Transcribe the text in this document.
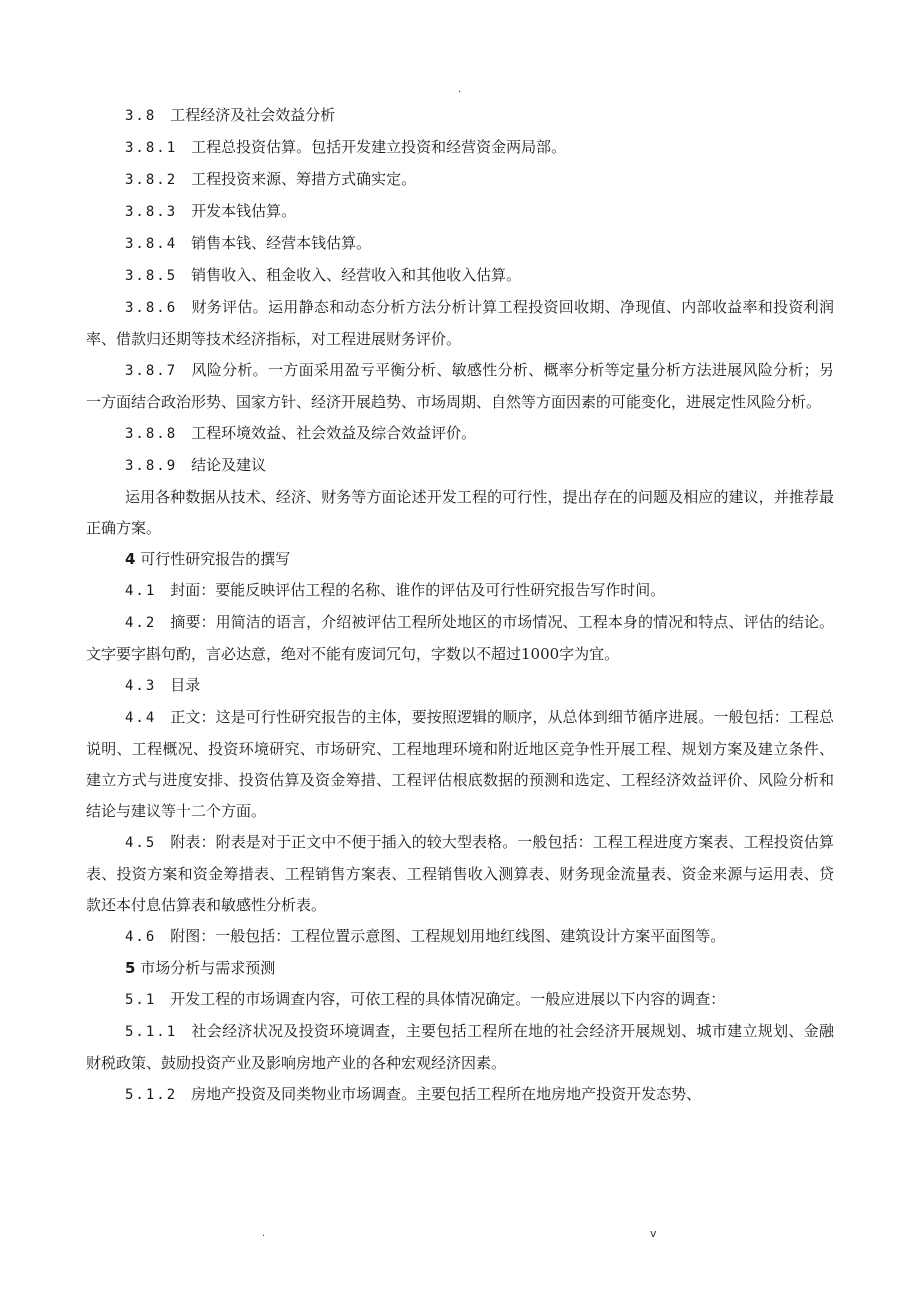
.

3.8 工程经济及社会效益分析

3.8.1 工程总投资估算。包括开发建立投资和经营资金两局部。

3.8.2 工程投资来源、筹措方式确实定。

3.8.3 开发本钱估算。

3.8.4 销售本钱、经营本钱估算。

3.8.5 销售收入、租金收入、经营收入和其他收入估算。

3.8.6 财务评估。运用静态和动态分析方法分析计算工程投资回收期、净现值、内部收益率和投资利润率、借款归还期等技术经济指标，对工程进展财务评价。

3.8.7 风险分析。一方面采用盈亏平衡分析、敏感性分析、概率分析等定量分析方法进展风险分析；另一方面结合政治形势、国家方针、经济开展趋势、市场周期、自然等方面因素的可能变化，进展定性风险分析。

3.8.8 工程环境效益、社会效益及综合效益评价。

3.8.9 结论及建议

运用各种数据从技术、经济、财务等方面论述开发工程的可行性，提出存在的问题及相应的建议，并推荐最正确方案。

4 可行性研究报告的撰写

4.1 封面：要能反映评估工程的名称、谁作的评估及可行性研究报告写作时间。

4.2 摘要：用简洁的语言，介绍被评估工程所处地区的市场情况、工程本身的情况和特点、评估的结论。文字要字斟句酌，言必达意，绝对不能有废词冗句，字数以不超过1000字为宜。

4.3 目录

4.4 正文：这是可行性研究报告的主体，要按照逻辑的顺序，从总体到细节循序进展。一般包括：工程总说明、工程概况、投资环境研究、市场研究、工程地理环境和附近地区竞争性开展工程、规划方案及建立条件、建立方式与进度安排、投资估算及资金筹措、工程评估根底数据的预测和选定、工程经济效益评价、风险分析和结论与建议等十二个方面。

4.5 附表：附表是对于正文中不便于插入的较大型表格。一般包括：工程工程进度方案表、工程投资估算表、投资方案和资金筹措表、工程销售方案表、工程销售收入测算表、财务现金流量表、资金来源与运用表、贷款还本付息估算表和敏感性分析表。

4.6 附图：一般包括：工程位置示意图、工程规划用地红线图、建筑设计方案平面图等。

5 市场分析与需求预测

5.1 开发工程的市场调查内容，可依工程的具体情况确定。一般应进展以下内容的调查：

5.1.1 社会经济状况及投资环境调查，主要包括工程所在地的社会经济开展规划、城市建立规划、金融财税政策、鼓励投资产业及影响房地产业的各种宏观经济因素。

5.1.2 房地产投资及同类物业市场调查。主要包括工程所在地房地产投资开发态势、

.	v
